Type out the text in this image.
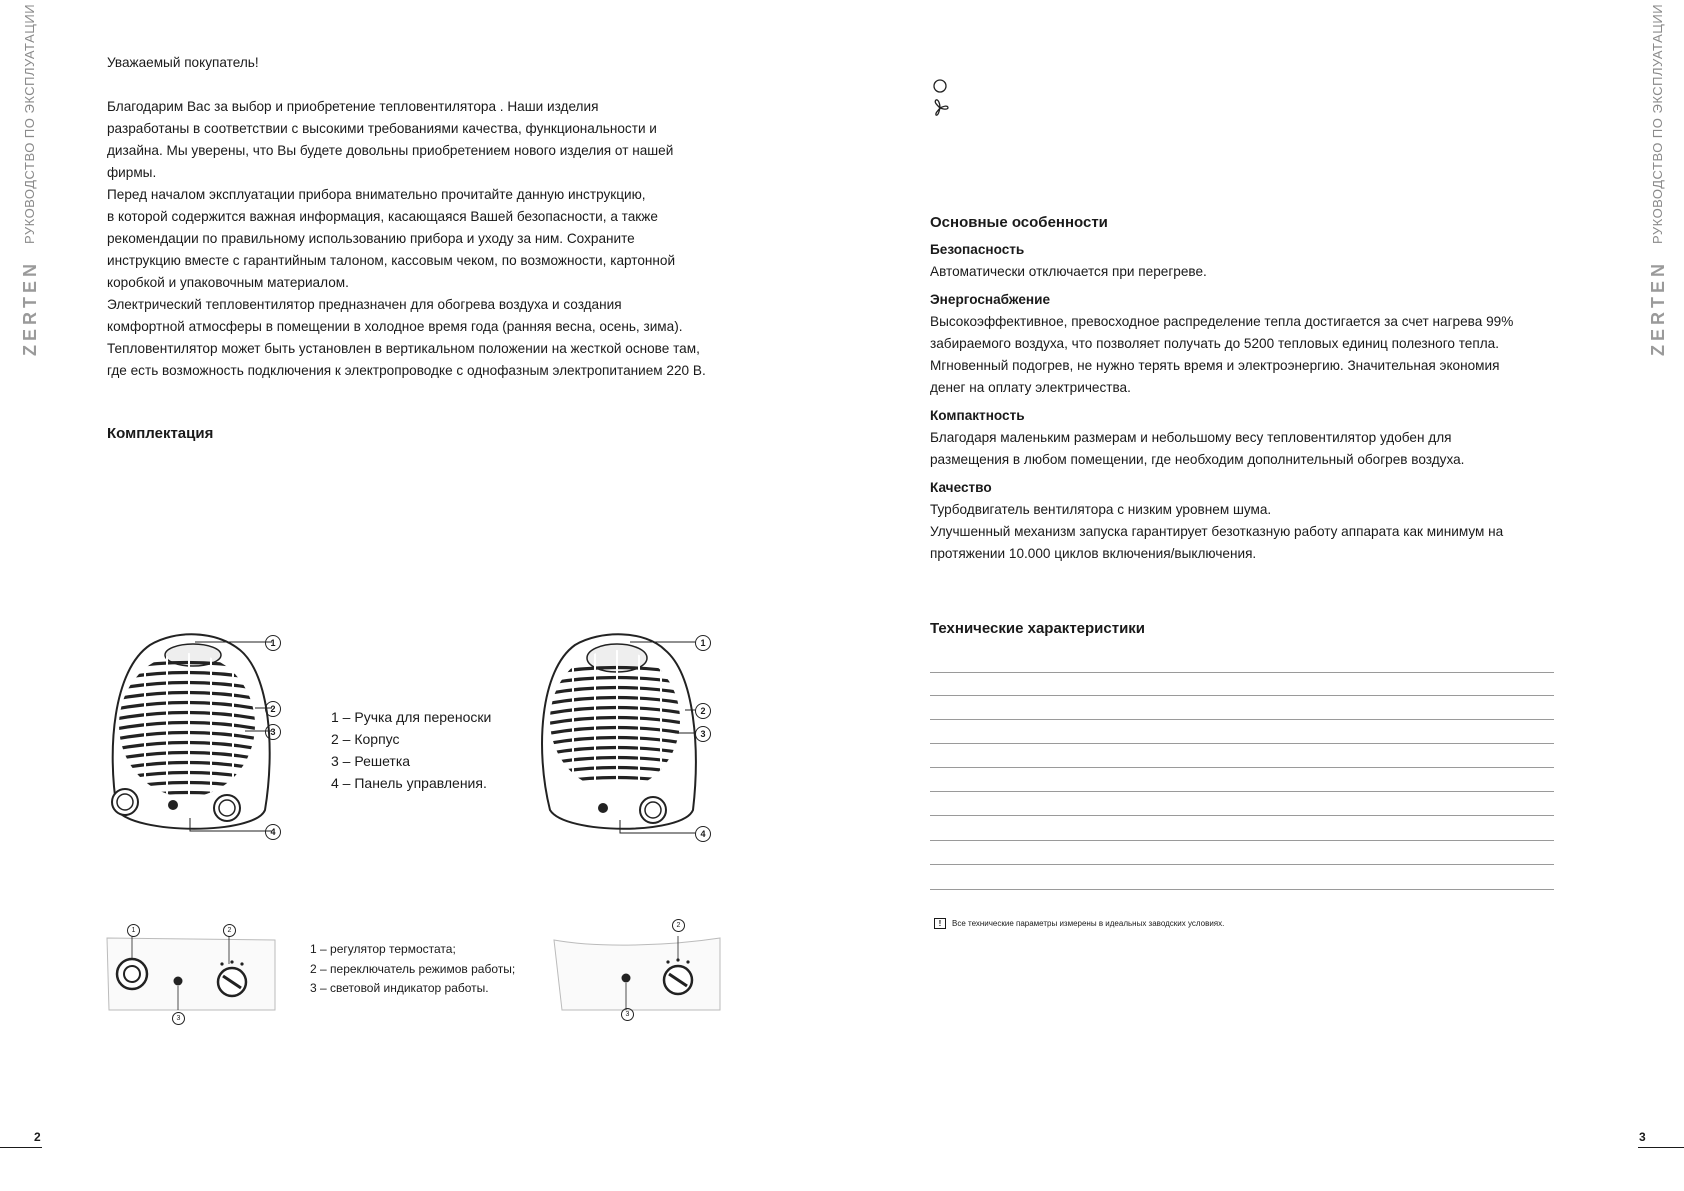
РУКОВОДСТВО ПО ЭКСПЛУАТАЦИИ
ZERTEN
РУКОВОДСТВО ПО ЭКСПЛУАТАЦИИ
ZERTEN
Уважаемый покупатель!

Благодарим Вас за выбор и приобретение тепловентилятора . Наши изделия

разработаны в соответствии с высокими требованиями качества, функциональности и

дизайна. Мы уверены, что Вы будете довольны приобретением нового изделия от нашей

фирмы.

Перед началом эксплуатации прибора внимательно прочитайте данную инструкцию,

в которой содержится важная информация, касающаяся Вашей безопасности, а также

рекомендации по правильному использованию прибора и уходу за ним. Сохраните

инструкцию вместе с гарантийным талоном, кассовым чеком, по возможности, картонной

коробкой и упаковочным материалом.

Электрический тепловентилятор предназначен для обогрева воздуха и создания

комфортной атмосферы в помещении в холодное время года (ранняя весна, осень, зима).

Тепловентилятор может быть установлен в вертикальном положении на жесткой основе там,

где есть возможность подключения к электропроводке с однофазным электропитанием 220 В.

Комплектация
1
2
3
4
1 – Ручка для переноски
2 – Корпус
3 – Решетка
4 – Панель управления.
1
2
3
4
1	2
3
1 – регулятор термостата;
2 – переключатель режимов работы;
3 – световой индикатор работы.
2
3
2
Основные особенности
Безопасность
Автоматически отключается при перегреве.
Энергоснабжение
Высокоэффективное, превосходное распределение тепла достигается за счет нагрева 99%
забираемого воздуха, что позволяет получать до 5200 тепловых единиц полезного тепла.
Мгновенный подогрев, не нужно терять время и электроэнергию. Значительная экономия
денег на оплату электричества.
Компактность
Благодаря маленьким размерам и небольшому весу тепловентилятор удобен для
размещения в любом помещении, где необходим дополнительный обогрев воздуха.
Качество
Турбодвигатель вентилятора с низким уровнем шума.
Улучшенный механизм запуска гарантирует безотказную работу аппарата как минимум на
протяжении 10.000 циклов включения/выключения.
Технические характеристики
!	Все технические параметры измерены в идеальных заводских условиях.
3
